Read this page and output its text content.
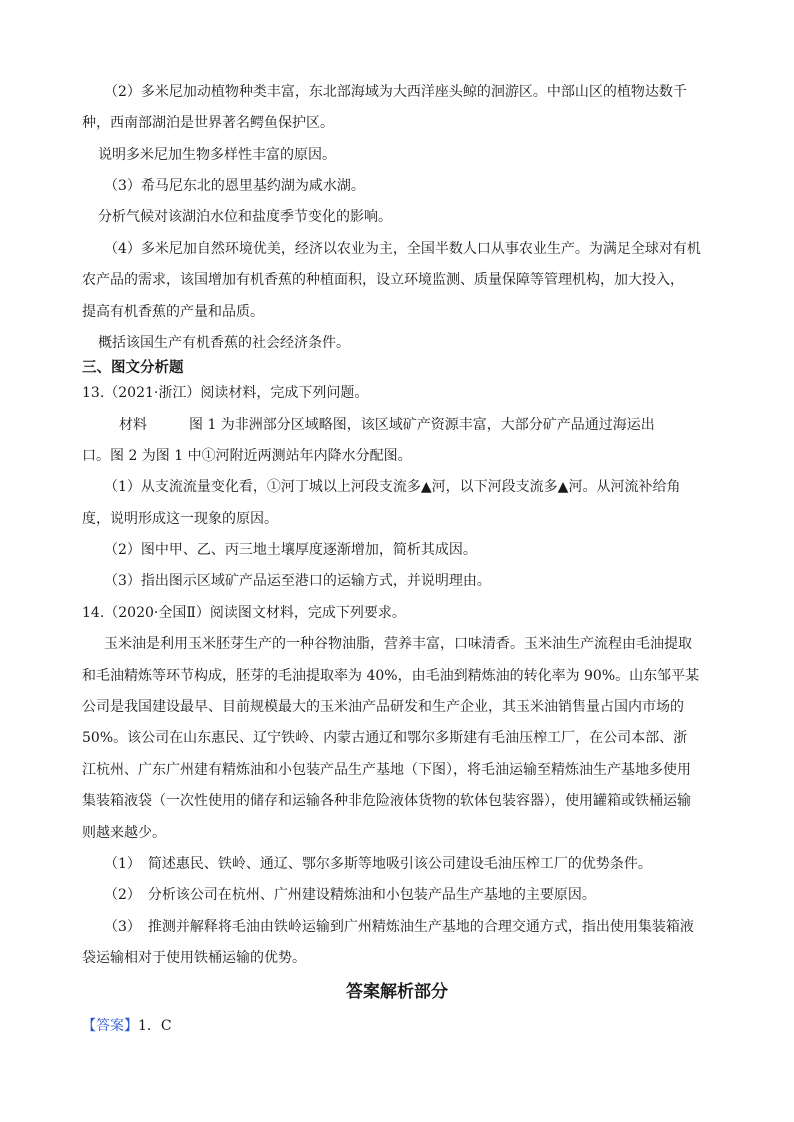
（2）多米尼加动植物种类丰富，东北部海域为大西洋座头鲸的洄游区。中部山区的植物达数千
种，西南部湖泊是世界著名鳄鱼保护区。
说明多米尼加生物多样性丰富的原因。
（3）希马尼东北的恩里基约湖为咸水湖。
分析气候对该湖泊水位和盐度季节变化的影响。
（4）多米尼加自然环境优美，经济以农业为主，全国半数人口从事农业生产。为满足全球对有机
农产品的需求，该国增加有机香蕉的种植面积，设立环境监测、质量保障等管理机构，加大投入，
提高有机香蕉的产量和品质。
概括该国生产有机香蕉的社会经济条件。
三、图文分析题
13.（2021·浙江）阅读材料，完成下列问题。
材料　　　图 1 为非洲部分区域略图，该区域矿产资源丰富，大部分矿产品通过海运出
口。图 2 为图 1 中①河附近两测站年内降水分配图。
（1）从支流流量变化看，①河丁城以上河段支流多▲河，以下河段支流多▲河。从河流补给角
度，说明形成这一现象的原因。
（2）图中甲、乙、丙三地土壤厚度逐渐增加，简析其成因。
（3）指出图示区域矿产品运至港口的运输方式，并说明理由。
14.（2020·全国Ⅱ）阅读图文材料，完成下列要求。
玉米油是利用玉米胚芽生产的一种谷物油脂，营养丰富，口味清香。玉米油生产流程由毛油提取
和毛油精炼等环节构成，胚芽的毛油提取率为 40%，由毛油到精炼油的转化率为 90%。山东邹平某
公司是我国建设最早、目前规模最大的玉米油产品研发和生产企业，其玉米油销售量占国内市场的
50%。该公司在山东惠民、辽宁铁岭、内蒙古通辽和鄂尔多斯建有毛油压榨工厂，在公司本部、浙
江杭州、广东广州建有精炼油和小包装产品生产基地（下图），将毛油运输至精炼油生产基地多使用
集装箱液袋（一次性使用的储存和运输各种非危险液体货物的软体包装容器），使用罐箱或铁桶运输
则越来越少。
（1）　简述惠民、铁岭、通辽、鄂尔多斯等地吸引该公司建设毛油压榨工厂的优势条件。
（2）　分析该公司在杭州、广州建设精炼油和小包装产品生产基地的主要原因。
（3）　推测并解释将毛油由铁岭运输到广州精炼油生产基地的合理交通方式，指出使用集装箱液
袋运输相对于使用铁桶运输的优势。
答案解析部分
【答案】1．C
